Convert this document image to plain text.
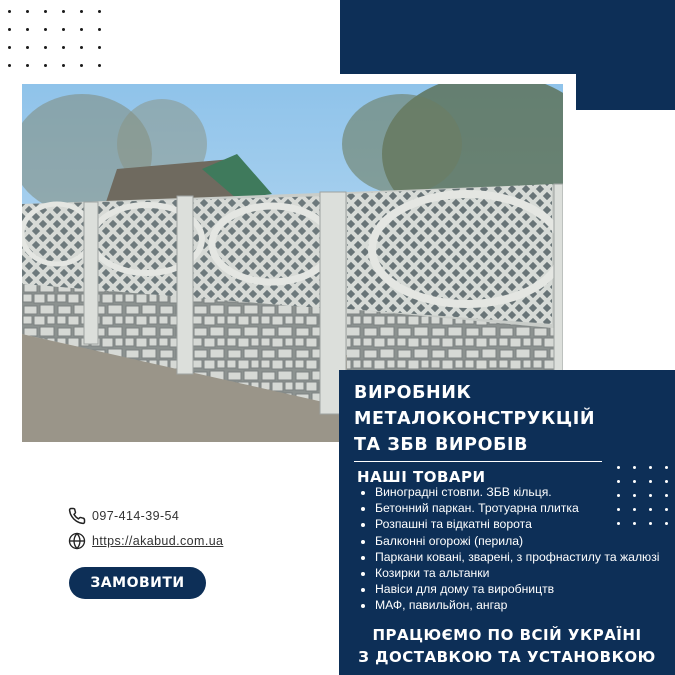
097-414-39-54
https://akabud.com.ua
ЗАМОВИТИ
ВИРОБНИК
МЕТАЛОКОНСТРУКЦІЙ
ТА ЗБВ ВИРОБІВ
НАШІ ТОВАРИ
Виноградні стовпи. ЗБВ кільця.
Бетонний паркан. Тротуарна плитка
Розпашні та відкатні ворота
Балконні огорожі (перила)
Паркани ковані, зварені, з профнастилу та жалюзі
Козирки та альтанки
Навіси для дому та виробництв
МАФ, павильйон, ангар

ПРАЦЮЄМО ПО ВСІЙ УКРАЇНІ
З ДОСТАВКОЮ ТА УСТАНОВКОЮ
